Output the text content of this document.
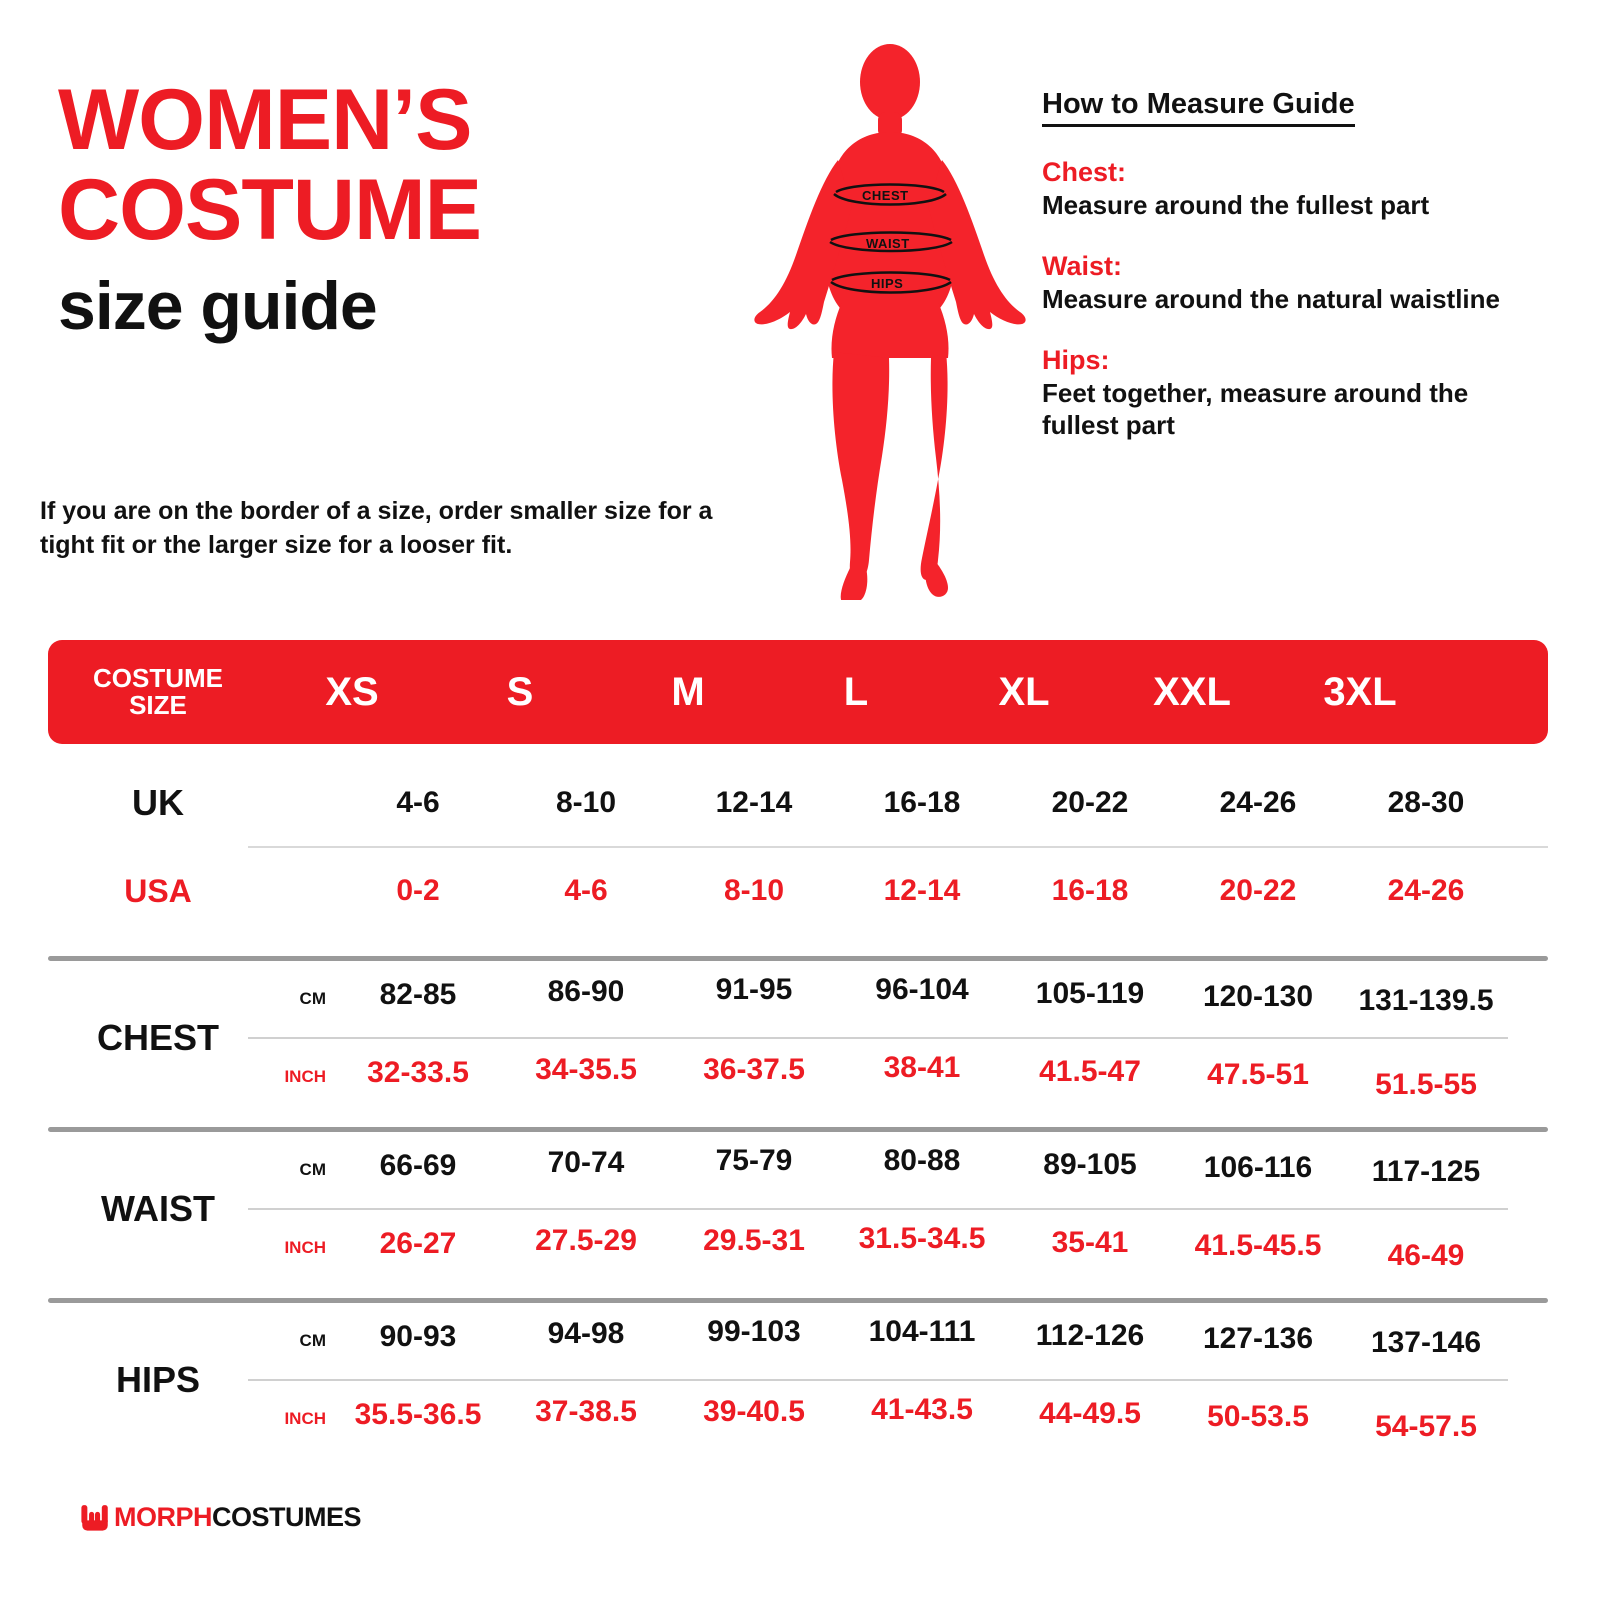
WOMEN’S
COSTUME
size guide
If you are on the border of a size, order smaller size for a tight fit or the larger size for a looser fit.
CHEST
WAIST
HIPS
How to Measure Guide
Chest:
Measure around the fullest part
Waist:
Measure around the natural waistline
Hips:
Feet together, measure around the fullest part
COSTUME
SIZE	XS	S	M	L	XL	XXL	3XL
UK	4-6	8-10	12-14	16-18	20-22	24-26	28-30
USA	0-2	4-6	8-10	12-14	16-18	20-22	24-26
CHEST
CM	82-85	86-90	91-95	96-104	105-119	120-130	131-139.5
INCH	32-33.5	34-35.5	36-37.5	38-41	41.5-47	47.5-51	51.5-55
WAIST
CM	66-69	70-74	75-79	80-88	89-105	106-116	117-125
INCH	26-27	27.5-29	29.5-31	31.5-34.5	35-41	41.5-45.5	46-49
HIPS
CM	90-93	94-98	99-103	104-111	112-126	127-136	137-146
INCH 35.5-36.5	37-38.5	39-40.5	41-43.5	44-49.5	50-53.5	54-57.5
MORPHCOSTUMES
